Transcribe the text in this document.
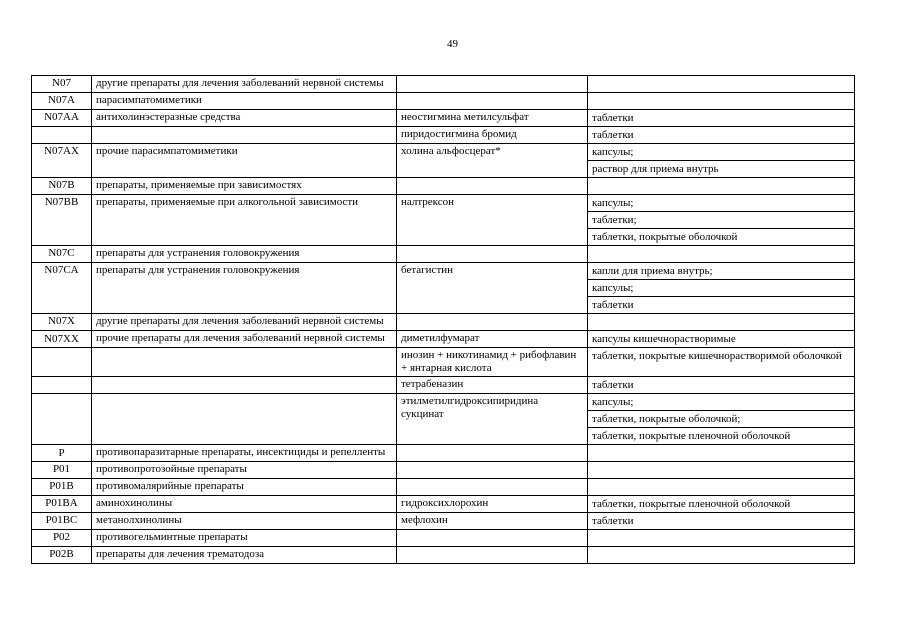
49
N07	другие препараты для лечения заболеваний нервной системы		

N07A	парасимпатомиметики		

N07AA	антихолинэстеразные средства	неостигмина метилсульфат	таблетки

		пиридостигмина бромид	таблетки

N07AX	прочие парасимпатомиметики	холина альфосцерат*	капсулы;
раствор для приема внутрь

N07B	препараты, применяемые при зависимостях		

N07BB	препараты, применяемые при алкогольной зависимости	налтрексон	капсулы;
таблетки;
таблетки, покрытые оболочкой

N07C	препараты для устранения головокружения		

N07CA	препараты для устранения головокружения	бетагистин	капли для приема внутрь;
капсулы;
таблетки

N07X	другие препараты для лечения заболеваний нервной системы		

N07XX	прочие препараты для лечения заболеваний нервной системы	диметилфумарат	капсулы кишечнорастворимые

		инозин + никотинамид + рибофлавин + янтарная кислота	таблетки, покрытые кишечнорастворимой оболочкой

		тетрабеназин	таблетки

		этилметилгидроксипиридина сукцинат	капсулы;
таблетки, покрытые оболочкой;
таблетки, покрытые пленочной оболочкой

P	противопаразитарные препараты, инсектициды и репелленты		

P01	противопротозойные препараты		

P01B	противомалярийные препараты		

P01BA	аминохинолины	гидроксихлорохин	таблетки, покрытые пленочной оболочкой

P01BC	метанолхинолины	мефлохин	таблетки

P02	противогельминтные препараты		

P02B	препараты для лечения трематодоза		
